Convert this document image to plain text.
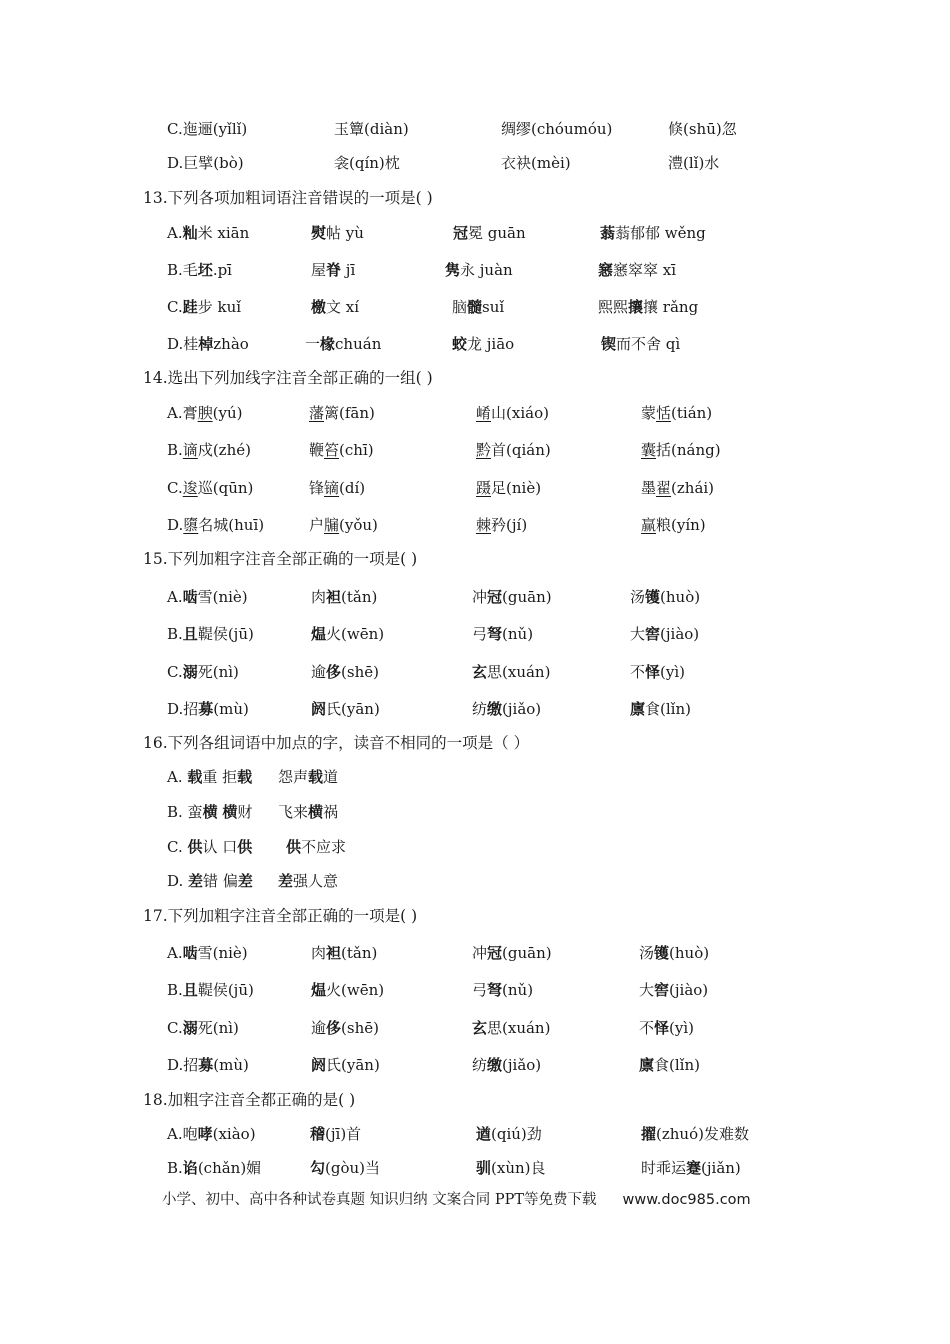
C.迤逦(yǐlǐ)	玉簟(diàn)	绸缪(chóumóu)	倏(shū)忽
D.巨擘(bò)	衾(qín)枕	衣袂(mèi)	澧(lǐ)水
13.下列各项加粗词语注音错误的一项是( )
A.籼米 xiān	熨帖 yù	冠冕 guān	蓊蓊郁郁 wěng
B.毛坯.pī	屋脊 jī	隽永 juàn	窸窸窣窣 xī
C.跬步 kuǐ	檄文 xí	脑髓suǐ	熙熙攘攘 rǎng
D.桂棹zhào	一椽chuán	蛟龙 jiāo	锲而不舍 qì
14.选出下列加线字注音全部正确的一组( )
A.膏腴(yú)	藩篱(fān)	崤山(xiáo)	蒙恬(tián)
B.谪戍(zhé)	鞭笞(chī)	黔首(qián)	囊括(náng)
C.逡巡(qūn)	锋镝(dí)	蹑足(niè)	墨翟(zhái)
D.隳名城(huī)	户牖(yǒu)	棘矜(jí)	赢粮(yín)
15.下列加粗字注音全部正确的一项是( )
A.啮雪(niè)	肉袒(tǎn)	冲冠(guān)	汤镬(huò)
B.且鞮侯(jū)	煴火(wēn)	弓弩(nǔ)	大窖(jiào)
C.溺死(nì)	逾侈(shē)	玄思(xuán)	不怿(yì)
D.招募(mù)	阏氏(yān)	纺缴(jiǎo)	廪食(lǐn)
16.下列各组词语中加点的字，读音不相同的一项是（ ）
A. 载重 拒载 怨声载道
B. 蛮横 横财 飞来横祸
C. 供认 口供 供不应求
D. 差错 偏差 差强人意
17.下列加粗字注音全部正确的一项是( )
A.啮雪(niè)	肉袒(tǎn)	冲冠(guān)	汤镬(huò)
B.且鞮侯(jū)	煴火(wēn)	弓弩(nǔ)	大窖(jiào)
C.溺死(nì)	逾侈(shē)	玄思(xuán)	不怿(yì)
D.招募(mù)	阏氏(yān)	纺缴(jiǎo)	廪食(lǐn)
18.加粗字注音全都正确的是( )
A.咆哮(xiào)	稽(jī)首	遒(qiú)劲	擢(zhuó)发难数
B.谄(chǎn)媚	勾(gòu)当	驯(xùn)良	时乖运蹇(jiǎn)
小学、初中、高中各种试卷真题 知识归纳 文案合同 PPT等免费下载 www.doc985.com
